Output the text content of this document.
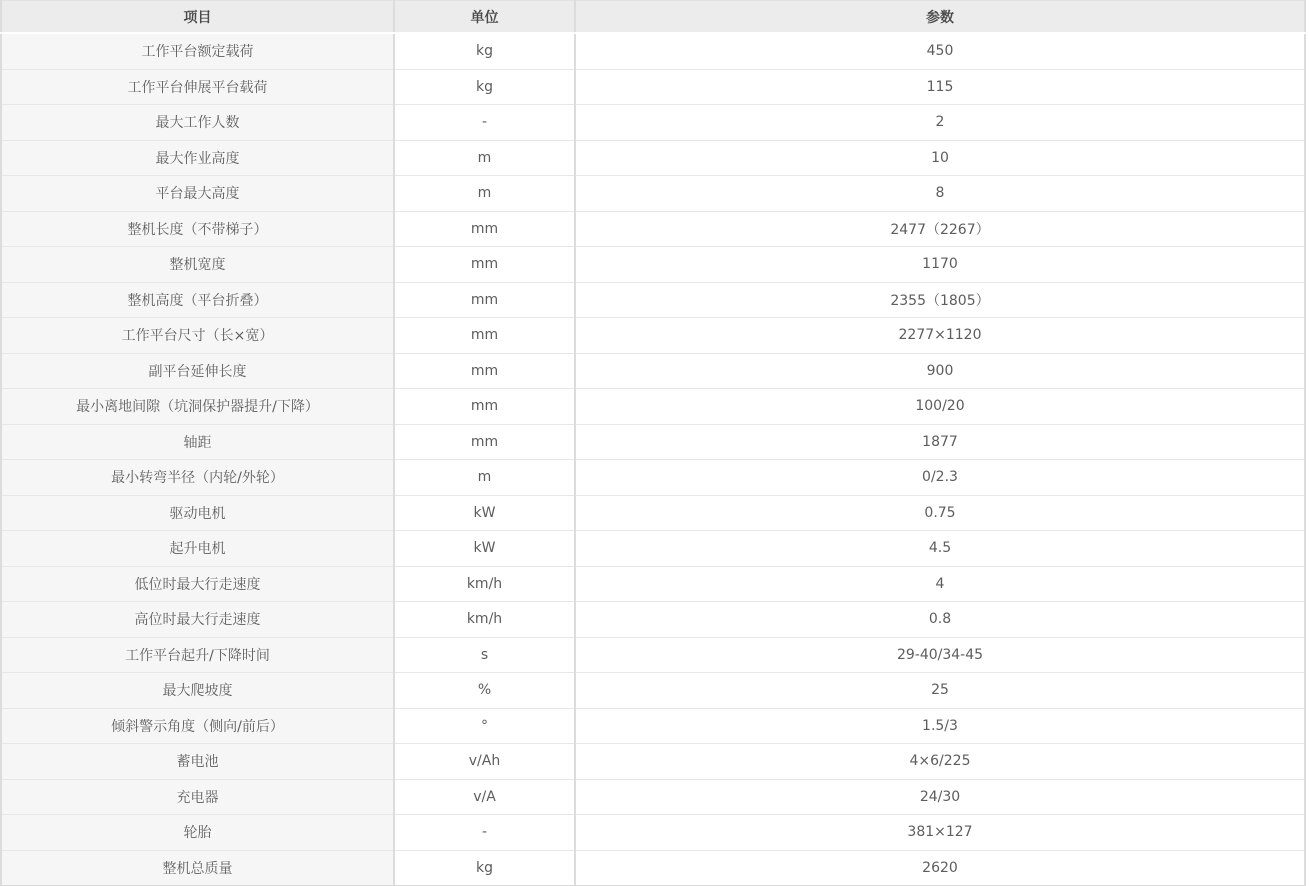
项目	单位	参数
工作平台额定载荷	kg	450
工作平台伸展平台载荷	kg	115
最大工作人数	-	2
最大作业高度	m	10
平台最大高度	m	8
整机长度（不带梯子）	mm	2477（2267）
整机宽度	mm	1170
整机高度（平台折叠）	mm	2355（1805）
工作平台尺寸（长×宽）	mm	2277×1120
副平台延伸长度	mm	900
最小离地间隙（坑洞保护器提升/下降）	mm	100/20
轴距	mm	1877
最小转弯半径（内轮/外轮）	m	0/2.3
驱动电机	kW	0.75
起升电机	kW	4.5
低位时最大行走速度	km/h	4
高位时最大行走速度	km/h	0.8
工作平台起升/下降时间	s	29-40/34-45
最大爬坡度	%	25
倾斜警示角度（侧向/前后）	°	1.5/3
蓄电池	v/Ah	4×6/225
充电器	v/A	24/30
轮胎	-	381×127
整机总质量	kg	2620
